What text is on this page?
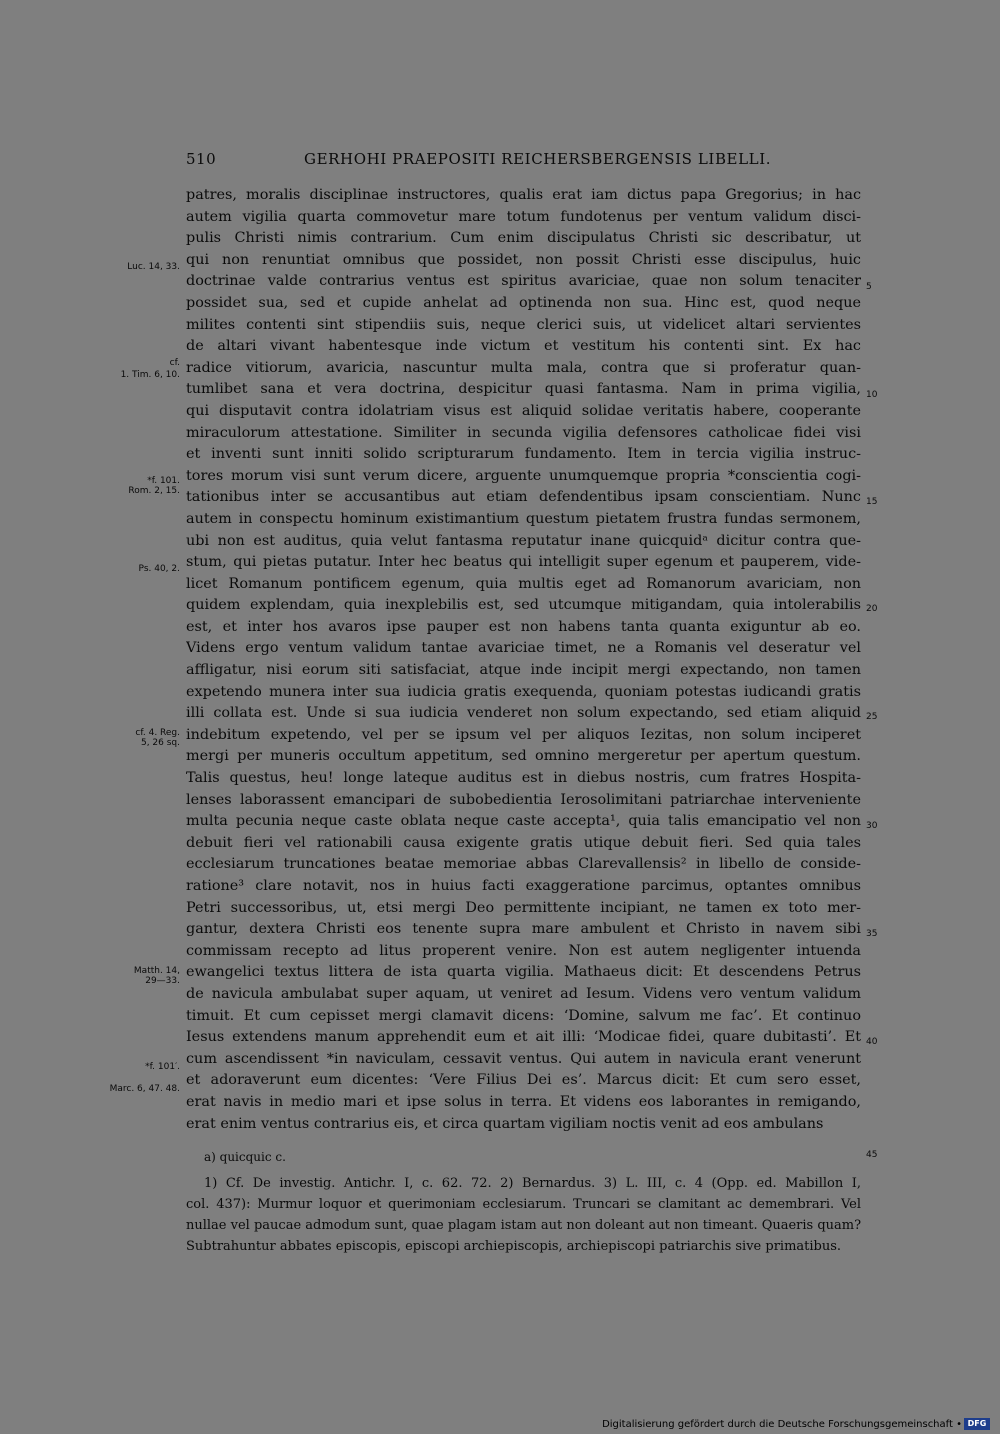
510	GERHOHI PRAEPOSITI REICHERSBERGENSIS LIBELLI.
patres, moralis disciplinae instructores, qualis erat iam dictus papa Gregorius; in hac
autem vigilia quarta commovetur mare totum fundotenus per ventum validum disci-
pulis Christi nimis contrarium. Cum enim discipulatus Christi sic describatur, ut
qui non renuntiat omnibus que possidet, non possit Christi esse discipulus, huic
doctrinae valde contrarius ventus est spiritus avariciae, quae non solum tenaciter
possidet sua, sed et cupide anhelat ad optinenda non sua. Hinc est, quod neque
milites contenti sint stipendiis suis, neque clerici suis, ut videlicet altari servientes
de altari vivant habentesque inde victum et vestitum his contenti sint. Ex hac
radice vitiorum, avaricia, nascuntur multa mala, contra que si proferatur quan-
tumlibet sana et vera doctrina, despicitur quasi fantasma. Nam in prima vigilia,
qui disputavit contra idolatriam visus est aliquid solidae veritatis habere, cooperante
miraculorum attestatione. Similiter in secunda vigilia defensores catholicae fidei visi
et inventi sunt inniti solido scripturarum fundamento. Item in tercia vigilia instruc-
tores morum visi sunt verum dicere, arguente unumquemque propria *conscientia cogi-
tationibus inter se accusantibus aut etiam defendentibus ipsam conscientiam. Nunc
autem in conspectu hominum existimantium questum pietatem frustra fundas sermonem,
ubi non est auditus, quia velut fantasma reputatur inane quicquidᵃ dicitur contra que-
stum, qui pietas putatur. Inter hec beatus qui intelligit super egenum et pauperem, vide-
licet Romanum pontificem egenum, quia multis eget ad Romanorum avariciam, non
quidem explendam, quia inexplebilis est, sed utcumque mitigandam, quia intolerabilis
est, et inter hos avaros ipse pauper est non habens tanta quanta exiguntur ab eo.
Videns ergo ventum validum tantae avariciae timet, ne a Romanis vel deseratur vel
affligatur, nisi eorum siti satisfaciat, atque inde incipit mergi expectando, non tamen
expetendo munera inter sua iudicia gratis exequenda, quoniam potestas iudicandi gratis
illi collata est. Unde si sua iudicia venderet non solum expectando, sed etiam aliquid
indebitum expetendo, vel per se ipsum vel per aliquos Iezitas, non solum inciperet
mergi per muneris occultum appetitum, sed omnino mergeretur per apertum questum.
Talis questus, heu! longe lateque auditus est in diebus nostris, cum fratres Hospita-
lenses laborassent emancipari de subobedientia Ierosolimitani patriarchae interveniente
multa pecunia neque caste oblata neque caste accepta¹, quia talis emancipatio vel non
debuit fieri vel rationabili causa exigente gratis utique debuit fieri. Sed quia tales
ecclesiarum truncationes beatae memoriae abbas Clarevallensis² in libello de conside-
ratione³ clare notavit, nos in huius facti exaggeratione parcimus, optantes omnibus
Petri successoribus, ut, etsi mergi Deo permittente incipiant, ne tamen ex toto mer-
gantur, dextera Christi eos tenente supra mare ambulent et Christo in navem sibi
commissam recepto ad litus properent venire. Non est autem negligenter intuenda
ewangelici textus littera de ista quarta vigilia. Mathaeus dicit: Et descendens Petrus
de navicula ambulabat super aquam, ut veniret ad Iesum. Videns vero ventum validum
timuit. Et cum cepisset mergi clamavit dicens: ‘Domine, salvum me fac’. Et continuo
Iesus extendens manum apprehendit eum et ait illi: ‘Modicae fidei, quare dubitasti’. Et
cum ascendissent *in naviculam, cessavit ventus. Qui autem in navicula erant venerunt
et adoraverunt eum dicentes: ‘Vere Filius Dei es’. Marcus dicit: Et cum sero esset,
erat navis in medio mari et ipse solus in terra. Et videns eos laborantes in remigando,
erat enim ventus contrarius eis, et circa quartam vigiliam noctis venit ad eos ambulans
Luc. 14, 33.
cf.
1. Tim. 6, 10.
*f. 101.
Rom. 2, 15.
Ps. 40, 2.
cf. 4. Reg.
5, 26 sq.
Matth. 14,
29—33.
*f. 101′.
Marc. 6, 47. 48.
5
10
15
20
25
30
35
40
45
a) quicquic c.
1) Cf. De investig. Antichr. I, c. 62. 72. 2) Bernardus. 3) L. III, c. 4 (Opp. ed. Mabillon I,
col. 437): Murmur loquor et querimoniam ecclesiarum. Truncari se clamitant ac demembrari. Vel
nullae vel paucae admodum sunt, quae plagam istam aut non doleant aut non timeant. Quaeris quam?
Subtrahuntur abbates episcopis, episcopi archiepiscopis, archiepiscopi patriarchis sive primatibus.
Digitalisierung gefördert durch die Deutsche Forschungsgemeinschaft • DFG
